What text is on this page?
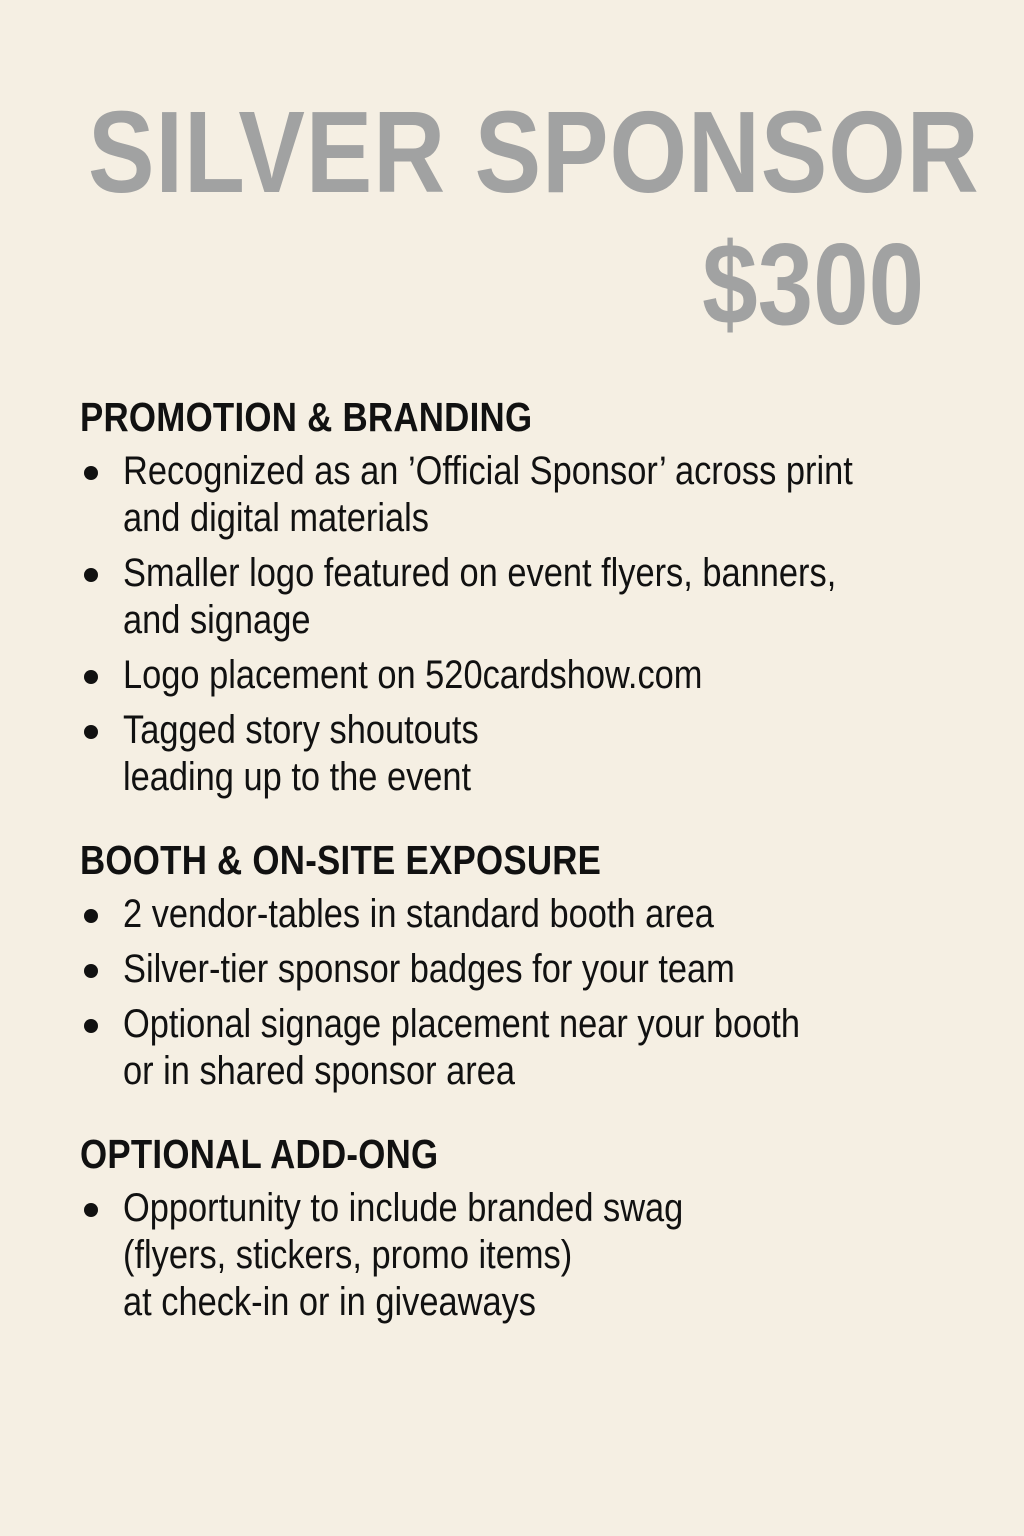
SILVER SPONSOR
$300
PROMOTION & BRANDING
Recognized as an ’Official Sponsor’ across print
and digital materials
Smaller logo featured on event flyers, banners,
and signage
Logo placement on 520cardshow.com
Tagged story shoutouts
leading up to the event
BOOTH & ON-SITE EXPOSURE
2 vendor-tables in standard booth area
Silver-tier sponsor badges for your team
Optional signage placement near your booth
or in shared sponsor area
OPTIONAL ADD-ONG
Opportunity to include branded swag
(flyers, stickers, promo items)
at check-in or in giveaways
